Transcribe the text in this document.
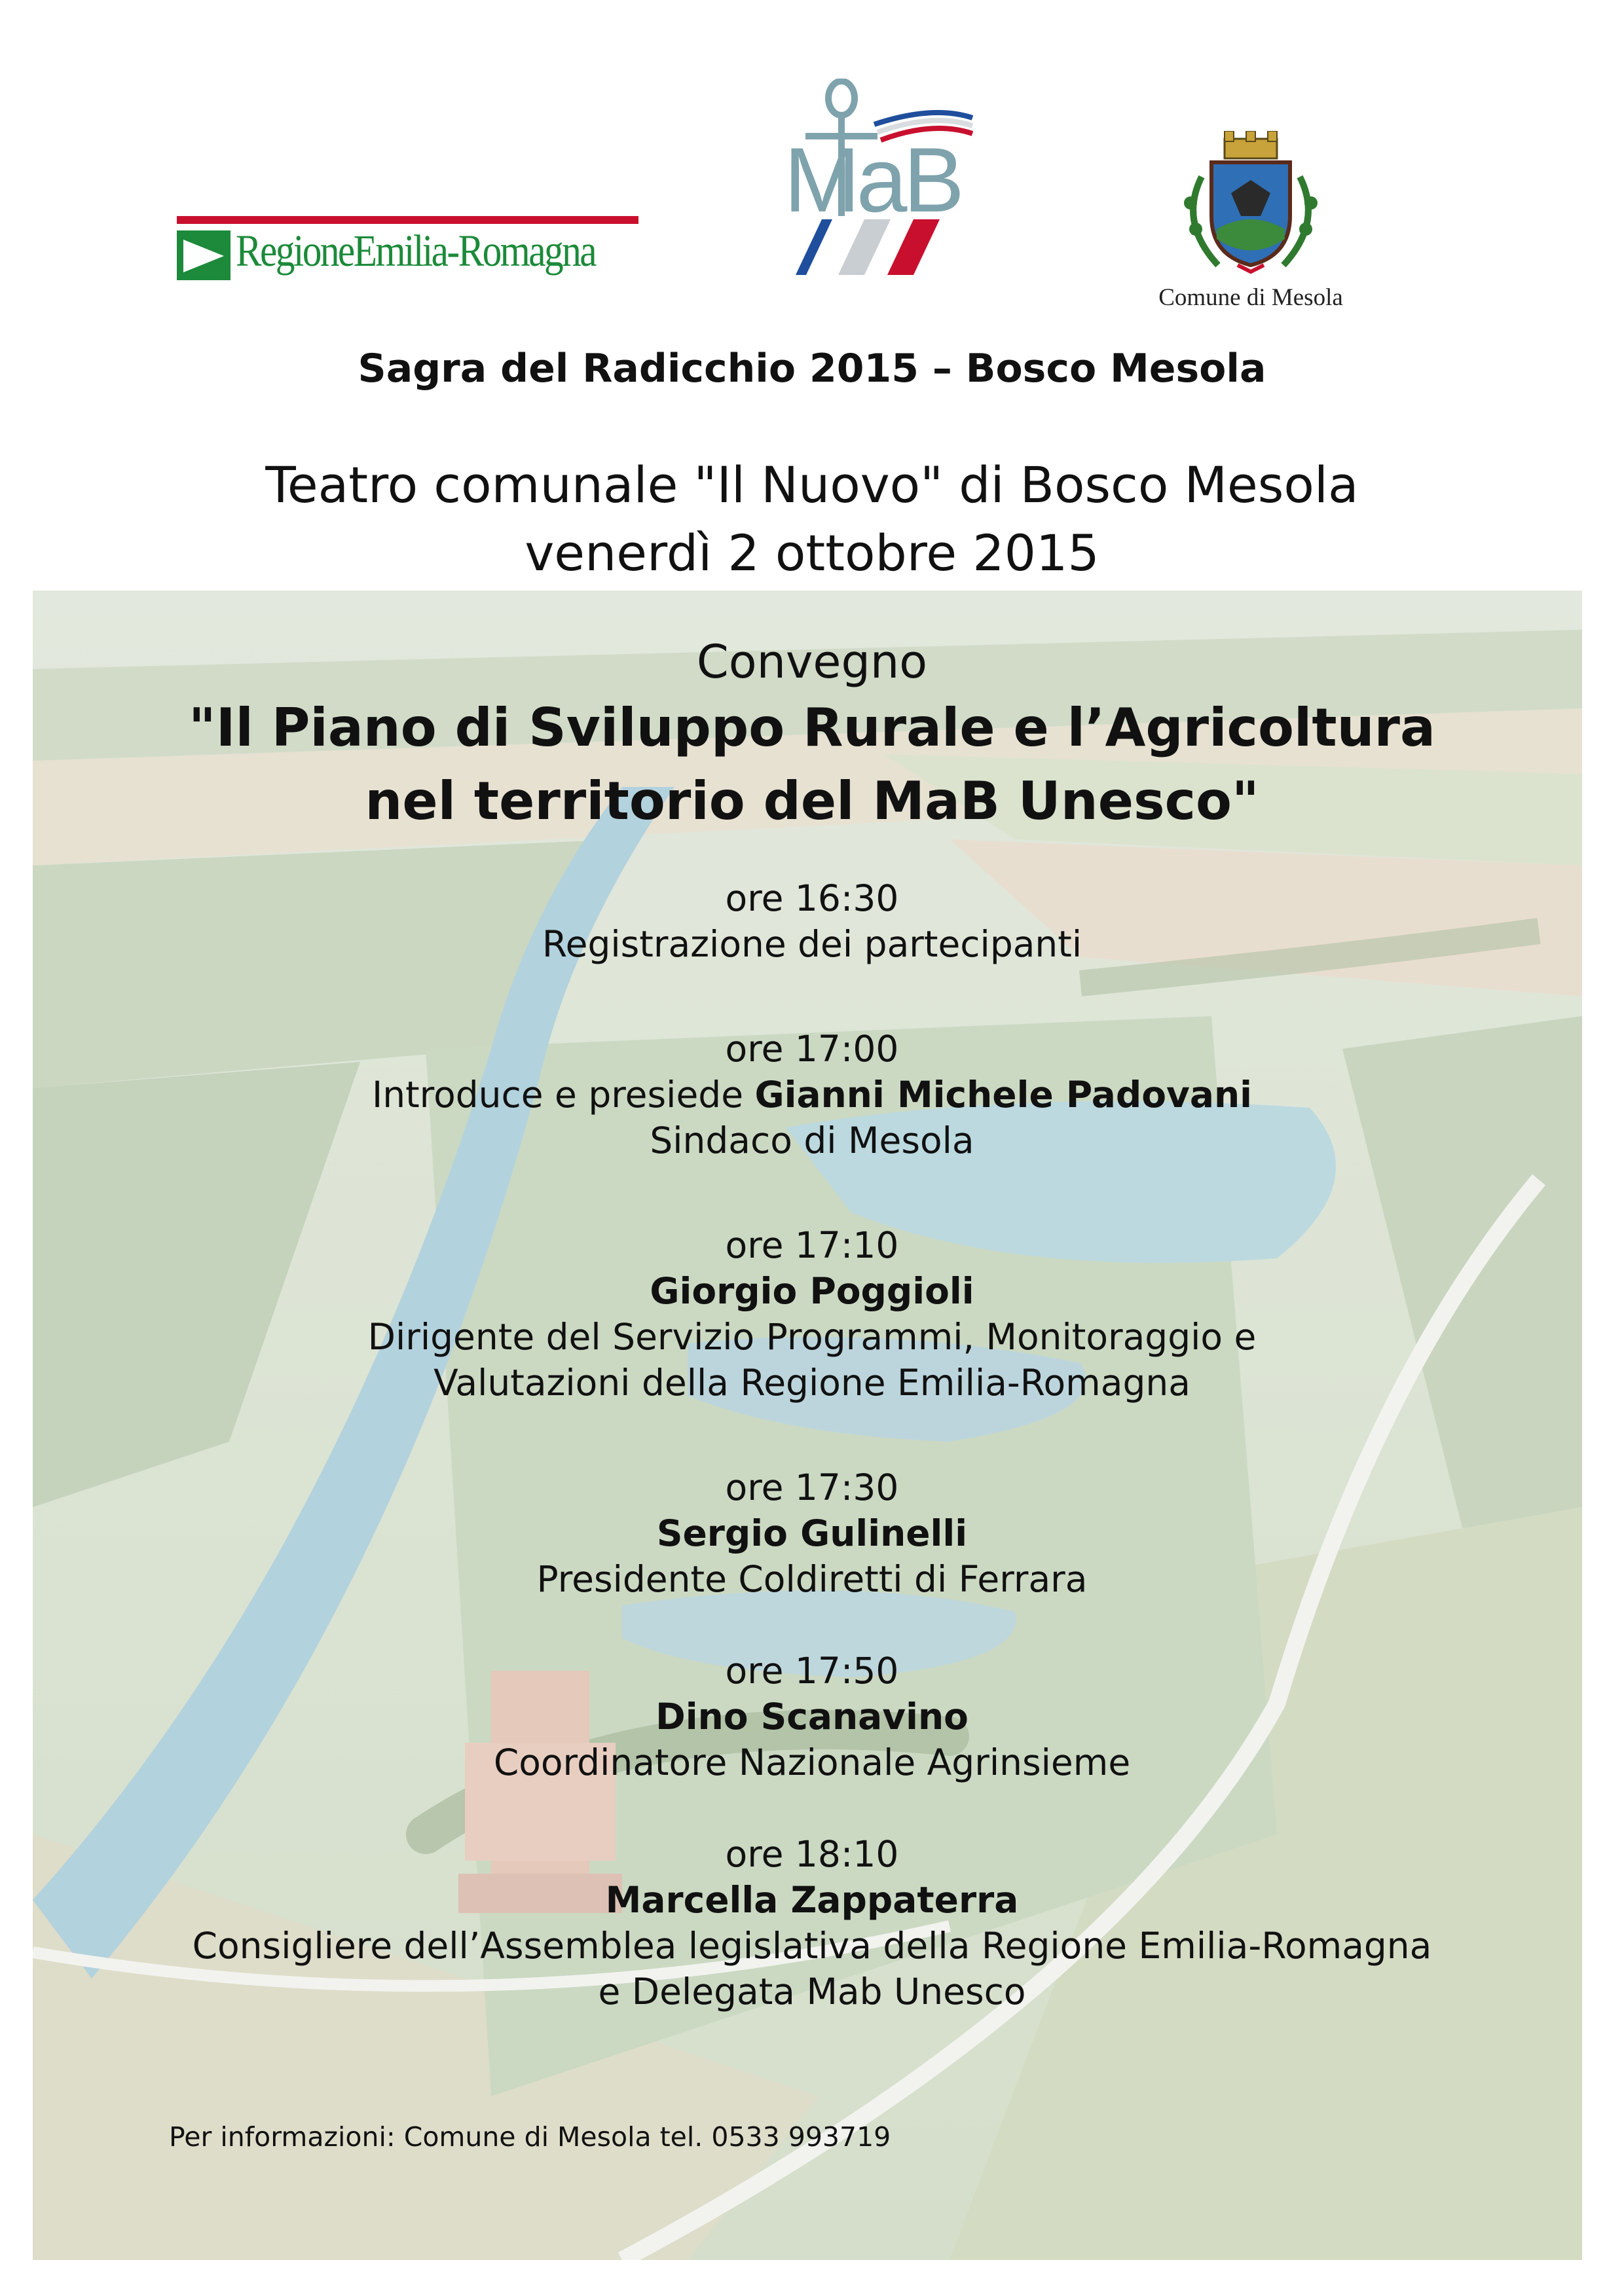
RegioneEmilia-Romagna
MaB
Comune di Mesola
Sagra del Radicchio 2015 – Bosco Mesola
Teatro comunale "Il Nuovo" di Bosco Mesola
venerdì 2 ottobre 2015
Convegno
"Il Piano di Sviluppo Rurale e l’Agricoltura
nel territorio del MaB Unesco"
ore 16:30
Registrazione dei partecipanti
ore 17:00
Introduce e presiede Gianni Michele Padovani
Sindaco di Mesola
ore 17:10
Giorgio Poggioli
Dirigente del Servizio Programmi, Monitoraggio e
Valutazioni della Regione Emilia-Romagna
ore 17:30
Sergio Gulinelli
Presidente Coldiretti di Ferrara
ore 17:50
Dino Scanavino
Coordinatore Nazionale Agrinsieme
ore 18:10
Marcella Zappaterra
Consigliere dell’Assemblea legislativa della Regione Emilia-Romagna
e Delegata Mab Unesco
Per informazioni: Comune di Mesola tel. 0533 993719
